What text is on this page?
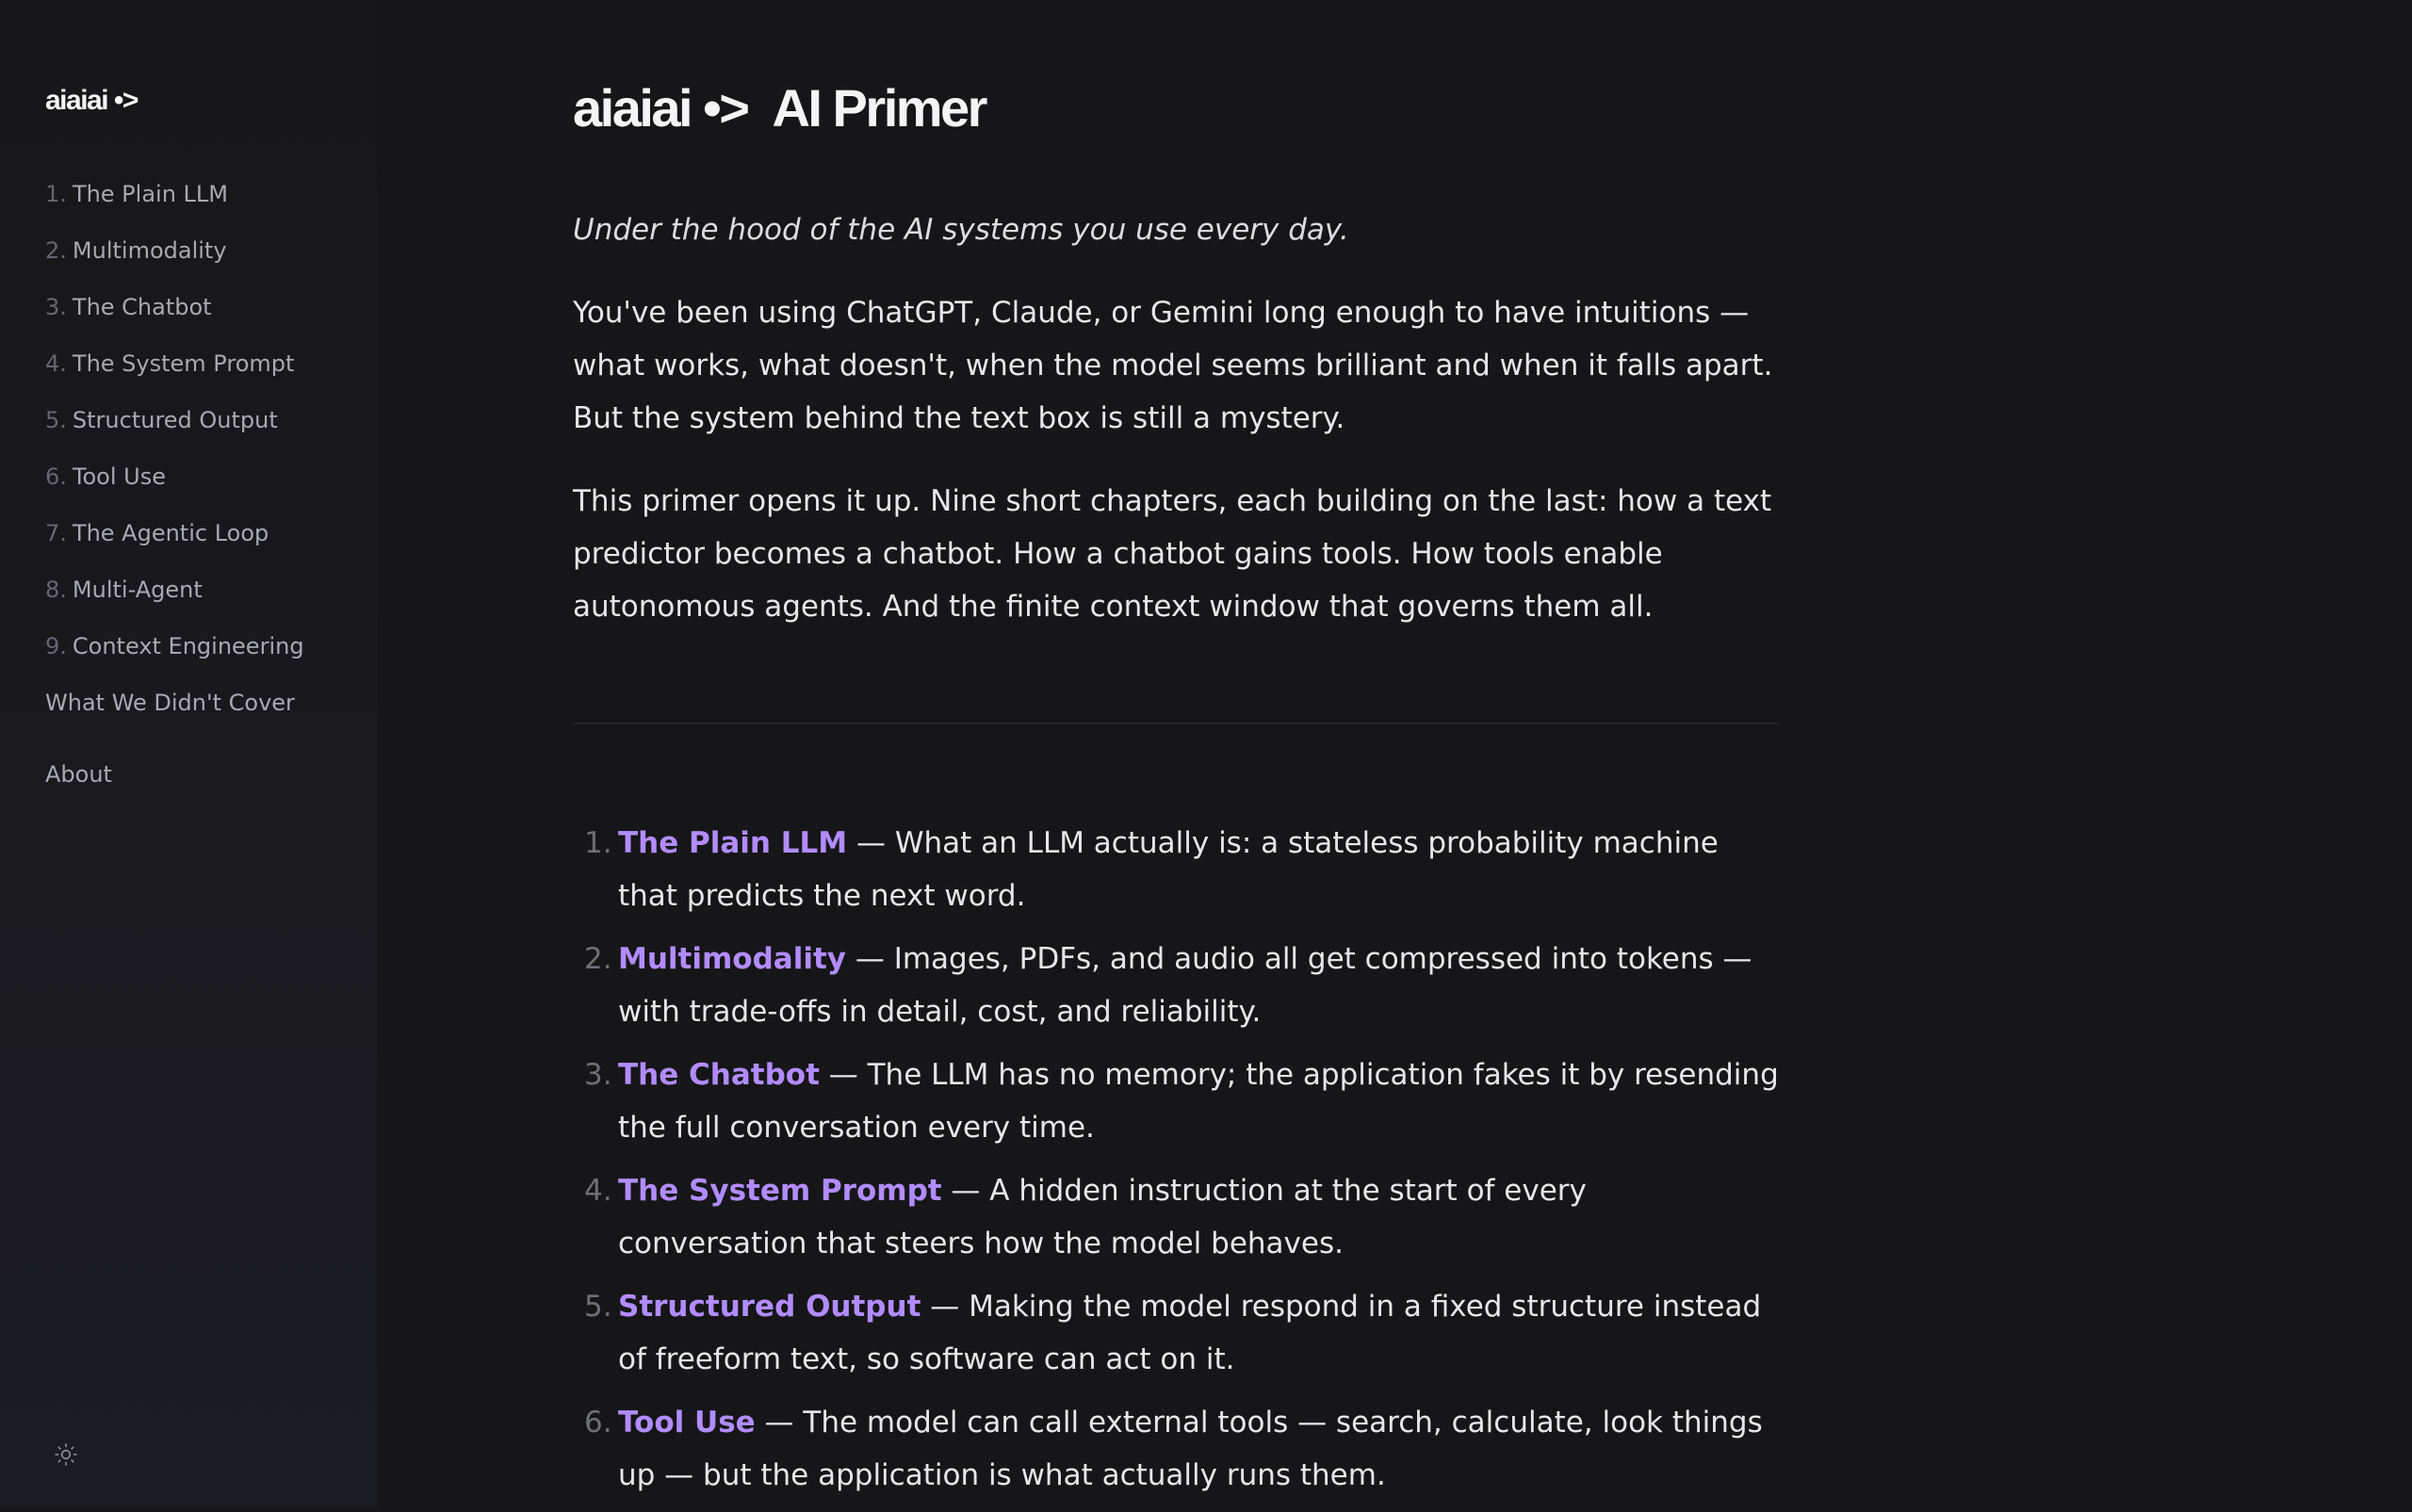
aiaiai •>

1. The Plain LLM
2. Multimodality
3. The Chatbot
4. The System Prompt
5. Structured Output
6. Tool Use
7. The Agentic Loop
8. Multi-Agent
9. Context Engineering
What We Didn't Cover
About
aiaiai •> AI Primer

Under the hood of the AI systems you use every day.

You've been using ChatGPT, Claude, or Gemini long enough to have intuitions — what works, what doesn't, when the model seems brilliant and when it falls apart. But the system behind the text box is still a mystery.

This primer opens it up. Nine short chapters, each building on the last: how a text predictor becomes a chatbot. How a chatbot gains tools. How tools enable autonomous agents. And the finite context window that governs them all.

1. The Plain LLM — What an LLM actually is: a stateless probability machine that predicts the next word.
2. Multimodality — Images, PDFs, and audio all get compressed into tokens — with trade-offs in detail, cost, and reliability.
3. The Chatbot — The LLM has no memory; the application fakes it by resending the full conversation every time.
4. The System Prompt — A hidden instruction at the start of every conversation that steers how the model behaves.
5. Structured Output — Making the model respond in a fixed structure instead of freeform text, so software can act on it.
6. Tool Use — The model can call external tools — search, calculate, look things up — but the application is what actually runs them.
